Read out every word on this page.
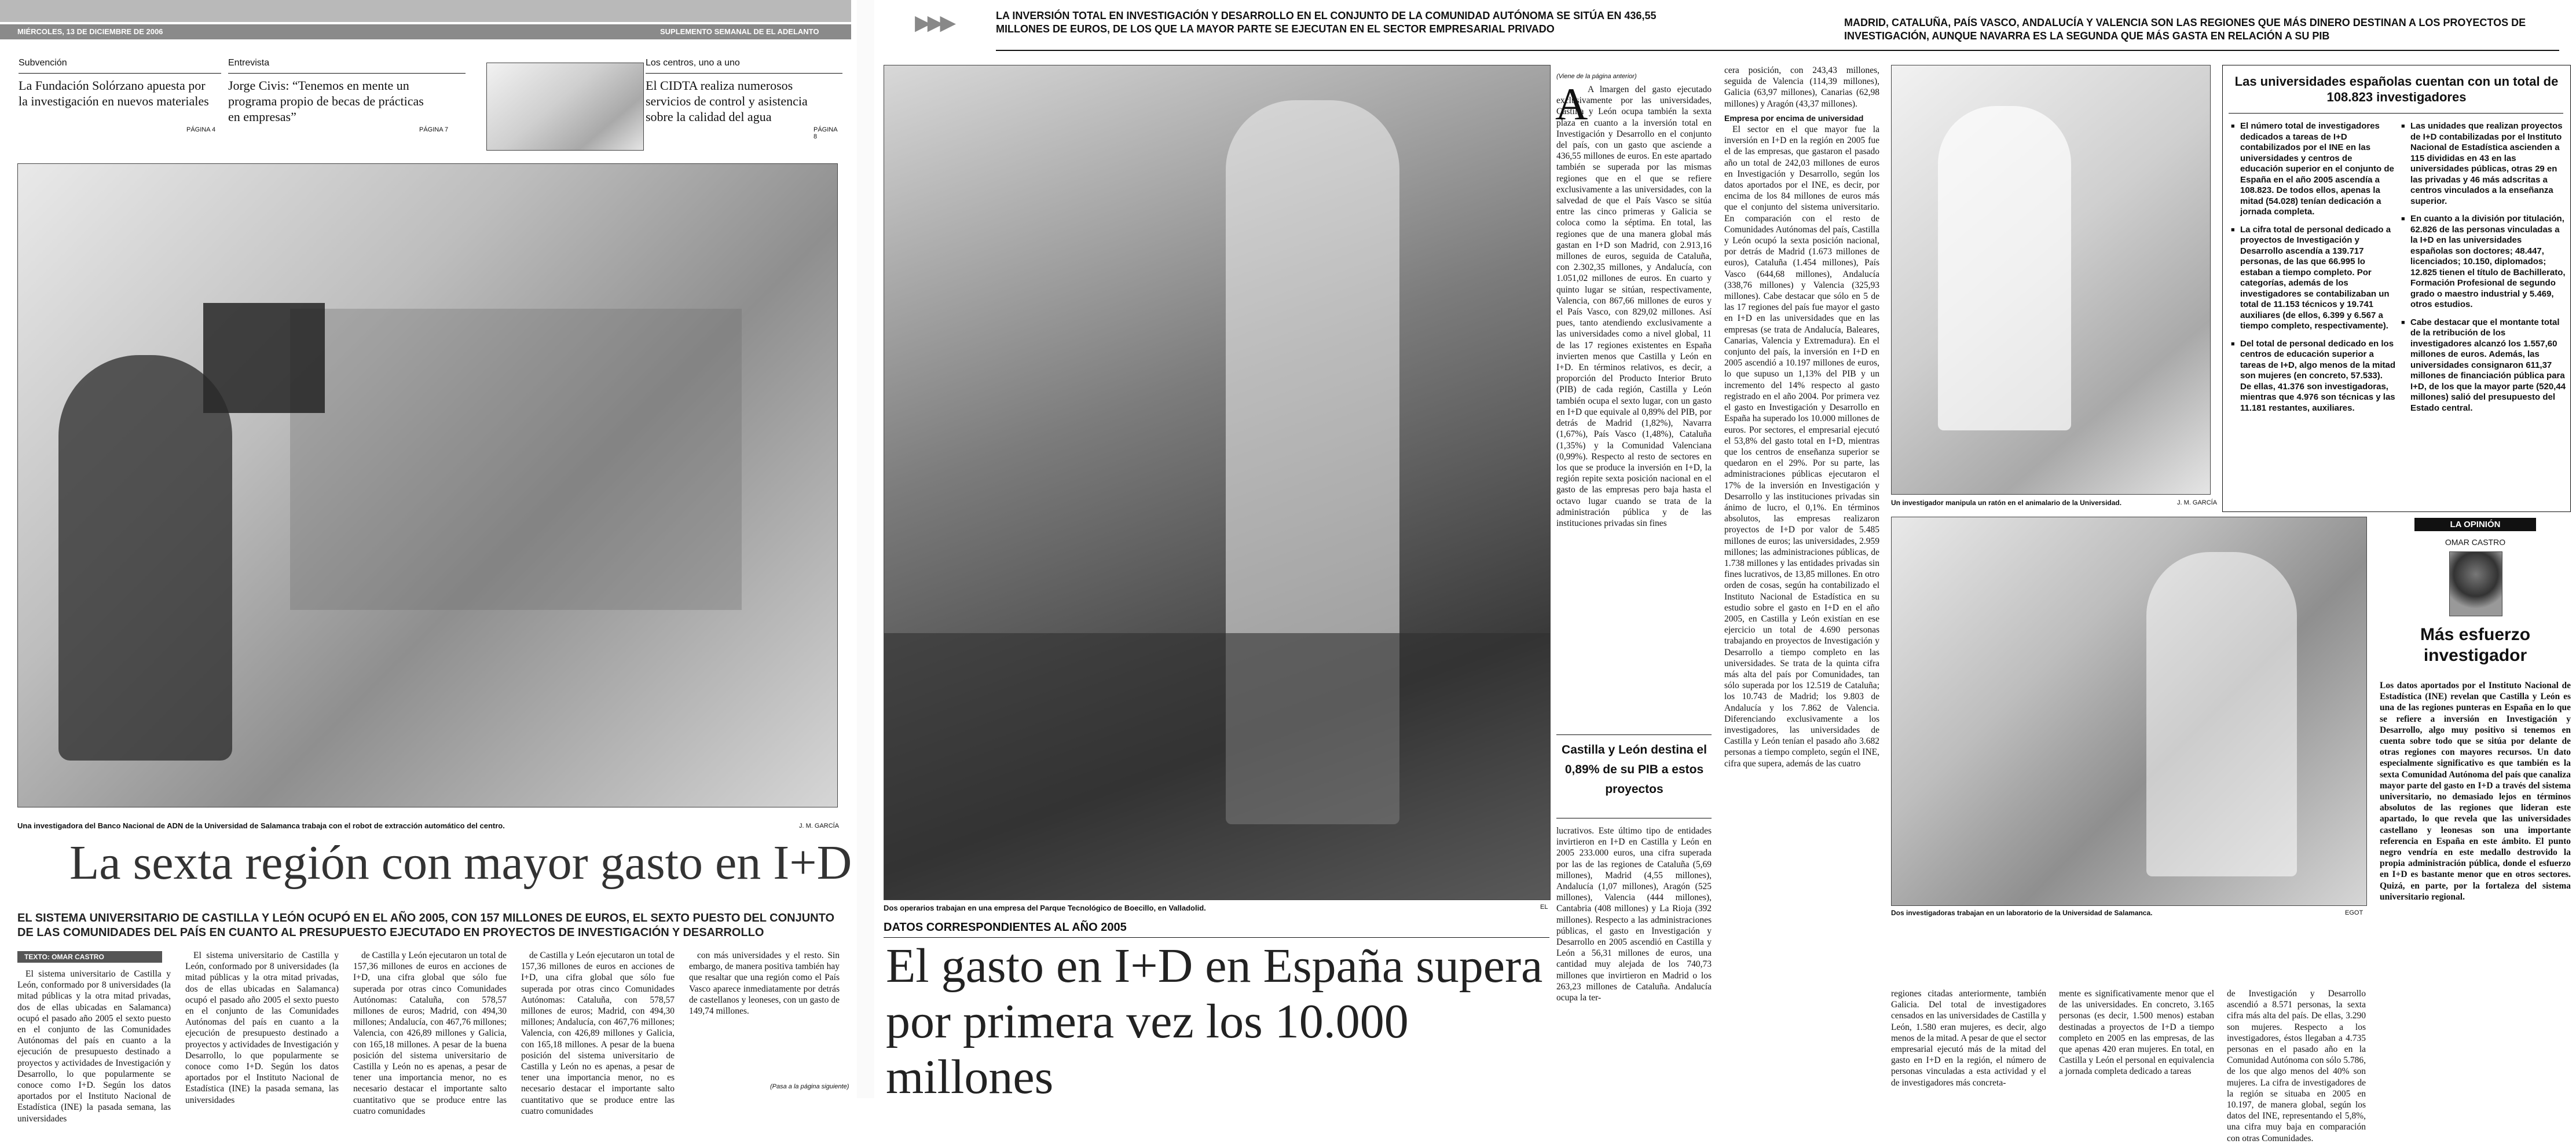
MIÉRCOLES, 13 DE DICIEMBRE DE 2006	SUPLEMENTO SEMANAL DE EL ADELANTO
Subvención
La Fundación Solórzano apuesta por la investigación en nuevos materiales
PÁGINA 4
Entrevista
Jorge Civis: “Tenemos en mente un programa propio de becas de prácticas en empresas”
PÁGINA 7
Los centros, uno a uno
El CIDTA realiza numerosos servicios de control y asistencia sobre la calidad del agua
PÁGINA 8
Una investigadora del Banco Nacional de ADN de la Universidad de Salamanca trabaja con el robot de extracción automático del centro.	J. M. GARCÍA
La sexta región con mayor gasto en I+D
EL SISTEMA UNIVERSITARIO DE CASTILLA Y LEÓN OCUPÓ EN EL AÑO 2005, CON 157 MILLONES DE EUROS, EL SEXTO PUESTO DEL CONJUNTO DE LAS COMUNIDADES DEL PAÍS EN CUANTO AL PRESUPUESTO EJECUTADO EN PROYECTOS DE INVESTIGACIÓN Y DESARROLLO
TEXTO: OMAR CASTRO

El sistema universitario de Castilla y León, conformado por 8 universidades (la mitad públicas y la otra mitad privadas, dos de ellas ubicadas en Salamanca) ocupó el pasado año 2005 el sexto puesto en el conjunto de las Comunidades Autónomas del país en cuanto a la ejecución de presupuesto destinado a proyectos y actividades de Investigación y Desarrollo, lo que popularmente se conoce como I+D. Según los datos aportados por el Instituto Nacional de Estadística (INE) la pasada semana, las universidades

El sistema universitario de Castilla y León, conformado por 8 universidades (la mitad públicas y la otra mitad privadas, dos de ellas ubicadas en Salamanca) ocupó el pasado año 2005 el sexto puesto en el conjunto de las Comunidades Autónomas del país en cuanto a la ejecución de presupuesto destinado a proyectos y actividades de Investigación y Desarrollo, lo que popularmente se conoce como I+D. Según los datos aportados por el Instituto Nacional de Estadística (INE) la pasada semana, las universidades

de Castilla y León ejecutaron un total de 157,36 millones de euros en acciones de I+D, una cifra global que sólo fue superada por otras cinco Comunidades Autónomas: Cataluña, con 578,57 millones de euros; Madrid, con 494,30 millones; Andalucía, con 467,76 millones; Valencia, con 426,89 millones y Galicia, con 165,18 millones. A pesar de la buena posición del sistema universitario de Castilla y León no es apenas, a pesar de tener una importancia menor, no es necesario destacar el importante salto cuantitativo que se produce entre las cuatro comunidades

de Castilla y León ejecutaron un total de 157,36 millones de euros en acciones de I+D, una cifra global que sólo fue superada por otras cinco Comunidades Autónomas: Cataluña, con 578,57 millones de euros; Madrid, con 494,30 millones; Andalucía, con 467,76 millones; Valencia, con 426,89 millones y Galicia, con 165,18 millones. A pesar de la buena posición del sistema universitario de Castilla y León no es apenas, a pesar de tener una importancia menor, no es necesario destacar el importante salto cuantitativo que se produce entre las cuatro comunidades

con más universidades y el resto. Sin embargo, de manera positiva también hay que resaltar que una región como el País Vasco aparece inmediatamente por detrás de castellanos y leoneses, con un gasto de 149,74 millones.

(Pasa a la página siguiente)
▶▶▶	LA INVERSIÓN TOTAL EN INVESTIGACIÓN Y DESARROLLO EN EL CONJUNTO DE LA COMUNIDAD AUTÓNOMA SE SITÚA EN 436,55 MILLONES DE EUROS, DE LOS QUE LA MAYOR PARTE SE EJECUTAN EN EL SECTOR EMPRESARIAL PRIVADO
MADRID, CATALUÑA, PAÍS VASCO, ANDALUCÍA Y VALENCIA SON LAS REGIONES QUE MÁS DINERO DESTINAN A LOS PROYECTOS DE INVESTIGACIÓN, AUNQUE NAVARRA ES LA SEGUNDA QUE MÁS GASTA EN RELACIÓN A SU PIB
Dos operarios trabajan en una empresa del Parque Tecnológico de Boecillo, en Valladolid.	EL
DATOS CORRESPONDIENTES AL AÑO 2005
El gasto en I+D en España supera por primera vez los 10.000 millones
(Viene de la página anterior)
A A lmargen del gasto ejecutado exclusivamente por las universidades, Castilla y León ocupa también la sexta plaza en cuanto a la inversión total en Investigación y Desarrollo en el conjunto del país, con un gasto que asciende a 436,55 millones de euros. En este apartado también se superada por las mismas regiones que en el que se refiere exclusivamente a las universidades, con la salvedad de que el País Vasco se sitúa entre las cinco primeras y Galicia se coloca como la séptima. En total, las regiones que de una manera global más gastan en I+D son Madrid, con 2.913,16 millones de euros, seguida de Cataluña, con 2.302,35 millones, y Andalucía, con 1.051,02 millones de euros. En cuarto y quinto lugar se sitúan, respectivamente, Valencia, con 867,66 millones de euros y el País Vasco, con 829,02 millones. Así pues, tanto atendiendo exclusivamente a las universidades como a nivel global, 11 de las 17 regiones existentes en España invierten menos que Castilla y León en I+D. En términos relativos, es decir, a proporción del Producto Interior Bruto (PIB) de cada región, Castilla y León también ocupa el sexto lugar, con un gasto en I+D que equivale al 0,89% del PIB, por detrás de Madrid (1,82%), Navarra (1,67%), País Vasco (1,48%), Cataluña (1,35%) y la Comunidad Valenciana (0,99%). Respecto al resto de sectores en los que se produce la inversión en I+D, la región repite sexta posición nacional en el gasto de las empresas pero baja hasta el octavo lugar cuando se trata de la administración pública y de las instituciones privadas sin fines

Castilla y León destina el 0,89% de su PIB a estos proyectos

lucrativos. Este último tipo de entidades invirtieron en I+D en Castilla y León en 2005 233.000 euros, una cifra superada por las de las regiones de Cataluña (5,69 millones), Madrid (4,55 millones), Andalucía (1,07 millones), Aragón (525 millones), Valencia (444 millones), Cantabria (408 millones) y La Rioja (392 millones). Respecto a las administraciones públicas, el gasto en Investigación y Desarrollo en 2005 ascendió en Castilla y León a 56,31 millones de euros, una cantidad muy alejada de los 740,73 millones que invirtieron en Madrid o los 263,23 millones de Cataluña. Andalucía ocupa la ter-

cera posición, con 243,43 millones, seguida de Valencia (114,39 millones), Galicia (63,97 millones), Canarias (62,98 millones) y Aragón (43,37 millones).

Empresa por encima de universidad

El sector en el que mayor fue la inversión en I+D en la región en 2005 fue el de las empresas, que gastaron el pasado año un total de 242,03 millones de euros en Investigación y Desarrollo, según los datos aportados por el INE, es decir, por encima de los 84 millones de euros más que el conjunto del sistema universitario. En comparación con el resto de Comunidades Autónomas del país, Castilla y León ocupó la sexta posición nacional, por detrás de Madrid (1.673 millones de euros), Cataluña (1.454 millones), País Vasco (644,68 millones), Andalucía (338,76 millones) y Valencia (325,93 millones). Cabe destacar que sólo en 5 de las 17 regiones del país fue mayor el gasto en I+D en las universidades que en las empresas (se trata de Andalucía, Baleares, Canarias, Valencia y Extremadura). En el conjunto del país, la inversión en I+D en 2005 ascendió a 10.197 millones de euros, lo que supuso un 1,13% del PIB y un incremento del 14% respecto al gasto registrado en el año 2004. Por primera vez el gasto en Investigación y Desarrollo en España ha superado los 10.000 millones de euros. Por sectores, el empresarial ejecutó el 53,8% del gasto total en I+D, mientras que los centros de enseñanza superior se quedaron en el 29%. Por su parte, las administraciones públicas ejecutaron el 17% de la inversión en Investigación y Desarrollo y las instituciones privadas sin ánimo de lucro, el 0,1%. En términos absolutos, las empresas realizaron proyectos de I+D por valor de 5.485 millones de euros; las universidades, 2.959 millones; las administraciones públicas, de 1.738 millones y las entidades privadas sin fines lucrativos, de 13,85 millones. En otro orden de cosas, según ha contabilizado el Instituto Nacional de Estadística en su estudio sobre el gasto en I+D en el año 2005, en Castilla y León existían en ese ejercicio un total de 4.690 personas trabajando en proyectos de Investigación y Desarrollo a tiempo completo en las universidades. Se trata de la quinta cifra más alta del país por Comunidades, tan sólo superada por los 12.519 de Cataluña; los 10.743 de Madrid; los 9.803 de Andalucía y los 7.862 de Valencia. Diferenciando exclusivamente a los investigadores, las universidades de Castilla y León tenían el pasado año 3.682 personas a tiempo completo, según el INE, cifra que supera, además de las cuatro

regiones citadas anteriormente, también Galicia. Del total de investigadores censados en las universidades de Castilla y León, 1.580 eran mujeres, es decir, algo menos de la mitad. A pesar de que el sector empresarial ejecutó más de la mitad del gasto en I+D en la región, el número de personas vinculadas a esta actividad y el de investigadores más concreta-

mente es significativamente menor que el de las universidades. En concreto, 3.165 personas (es decir, 1.500 menos) estaban destinadas a proyectos de I+D a tiempo completo en 2005 en las empresas, de las que apenas 420 eran mujeres. En total, en Castilla y León el personal en equivalencia a jornada completa dedicado a tareas

de Investigación y Desarrollo ascendió a 8.571 personas, la sexta cifra más alta del país. De ellas, 3.290 son mujeres. Respecto a los investigadores, éstos llegaban a 4.735 personas en el pasado año en la Comunidad Autónoma con sólo 5.786, de los que algo menos del 40% son mujeres. La cifra de investigadores de la región se situaba en 2005 en 10.197, de manera global, según los datos del INE, representando el 5,8%, una cifra muy baja en comparación con otras Comunidades.

Un investigador manipula un ratón en el animalario de la Universidad.	J. M. GARCÍA
Dos investigadoras trabajan en un laboratorio de la Universidad de Salamanca.	EGOT
Las universidades españolas cuentan con un total de 108.823 investigadores

■ El número total de investigadores dedicados a tareas de I+D contabilizados por el INE en las universidades y centros de educación superior en el conjunto de España en el año 2005 ascendía a 108.823. De todos ellos, apenas la mitad (54.028) tenían dedicación a jornada completa.

■ La cifra total de personal dedicado a proyectos de Investigación y Desarrollo ascendía a 139.717 personas, de las que 66.995 lo estaban a tiempo completo. Por categorías, además de los investigadores se contabilizaban un total de 11.153 técnicos y 19.741 auxiliares (de ellos, 6.399 y 6.567 a tiempo completo, respectivamente).

■ Del total de personal dedicado en los centros de educación superior a tareas de I+D, algo menos de la mitad son mujeres (en concreto, 57.533). De ellas, 41.376 son investigadoras, mientras que 4.976 son técnicas y las 11.181 restantes, auxiliares.

■ Las unidades que realizan proyectos de I+D contabilizadas por el Instituto Nacional de Estadística ascienden a 115 divididas en 43 en las universidades públicas, otras 29 en las privadas y 46 más adscritas a centros vinculados a la enseñanza superior.

■ En cuanto a la división por titulación, 62.826 de las personas vinculadas a la I+D en las universidades españolas son doctores; 48.447, licenciados; 10.150, diplomados; 12.825 tienen el título de Bachillerato, Formación Profesional de segundo grado o maestro industrial y 5.469, otros estudios.

■ Cabe destacar que el montante total de la retribución de los investigadores alcanzó los 1.557,60 millones de euros. Además, las universidades consignaron 611,37 millones de financiación pública para I+D, de los que la mayor parte (520,44 millones) salió del presupuesto del Estado central.

LA OPINIÓN
OMAR CASTRO
Más esfuerzo investigador

Los datos aportados por el Instituto Nacional de Estadística (INE) revelan que Castilla y León es una de las regiones punteras en España en lo que se refiere a inversión en Investigación y Desarrollo, algo muy positivo si tenemos en cuenta sobre todo que se sitúa por delante de otras regiones con mayores recursos. Un dato especialmente significativo es que también es la sexta Comunidad Autónoma del país que canaliza mayor parte del gasto en I+D a través del sistema universitario, no demasiado lejos en términos absolutos de las regiones que lideran este apartado, lo que revela que las universidades castellano y leonesas son una importante referencia en España en este ámbito. El punto negro vendría en este medallo destrovido la propia administración pública, donde el esfuerzo en I+D es bastante menor que en otros sectores. Quizá, en parte, por la fortaleza del sistema universitario regional.
